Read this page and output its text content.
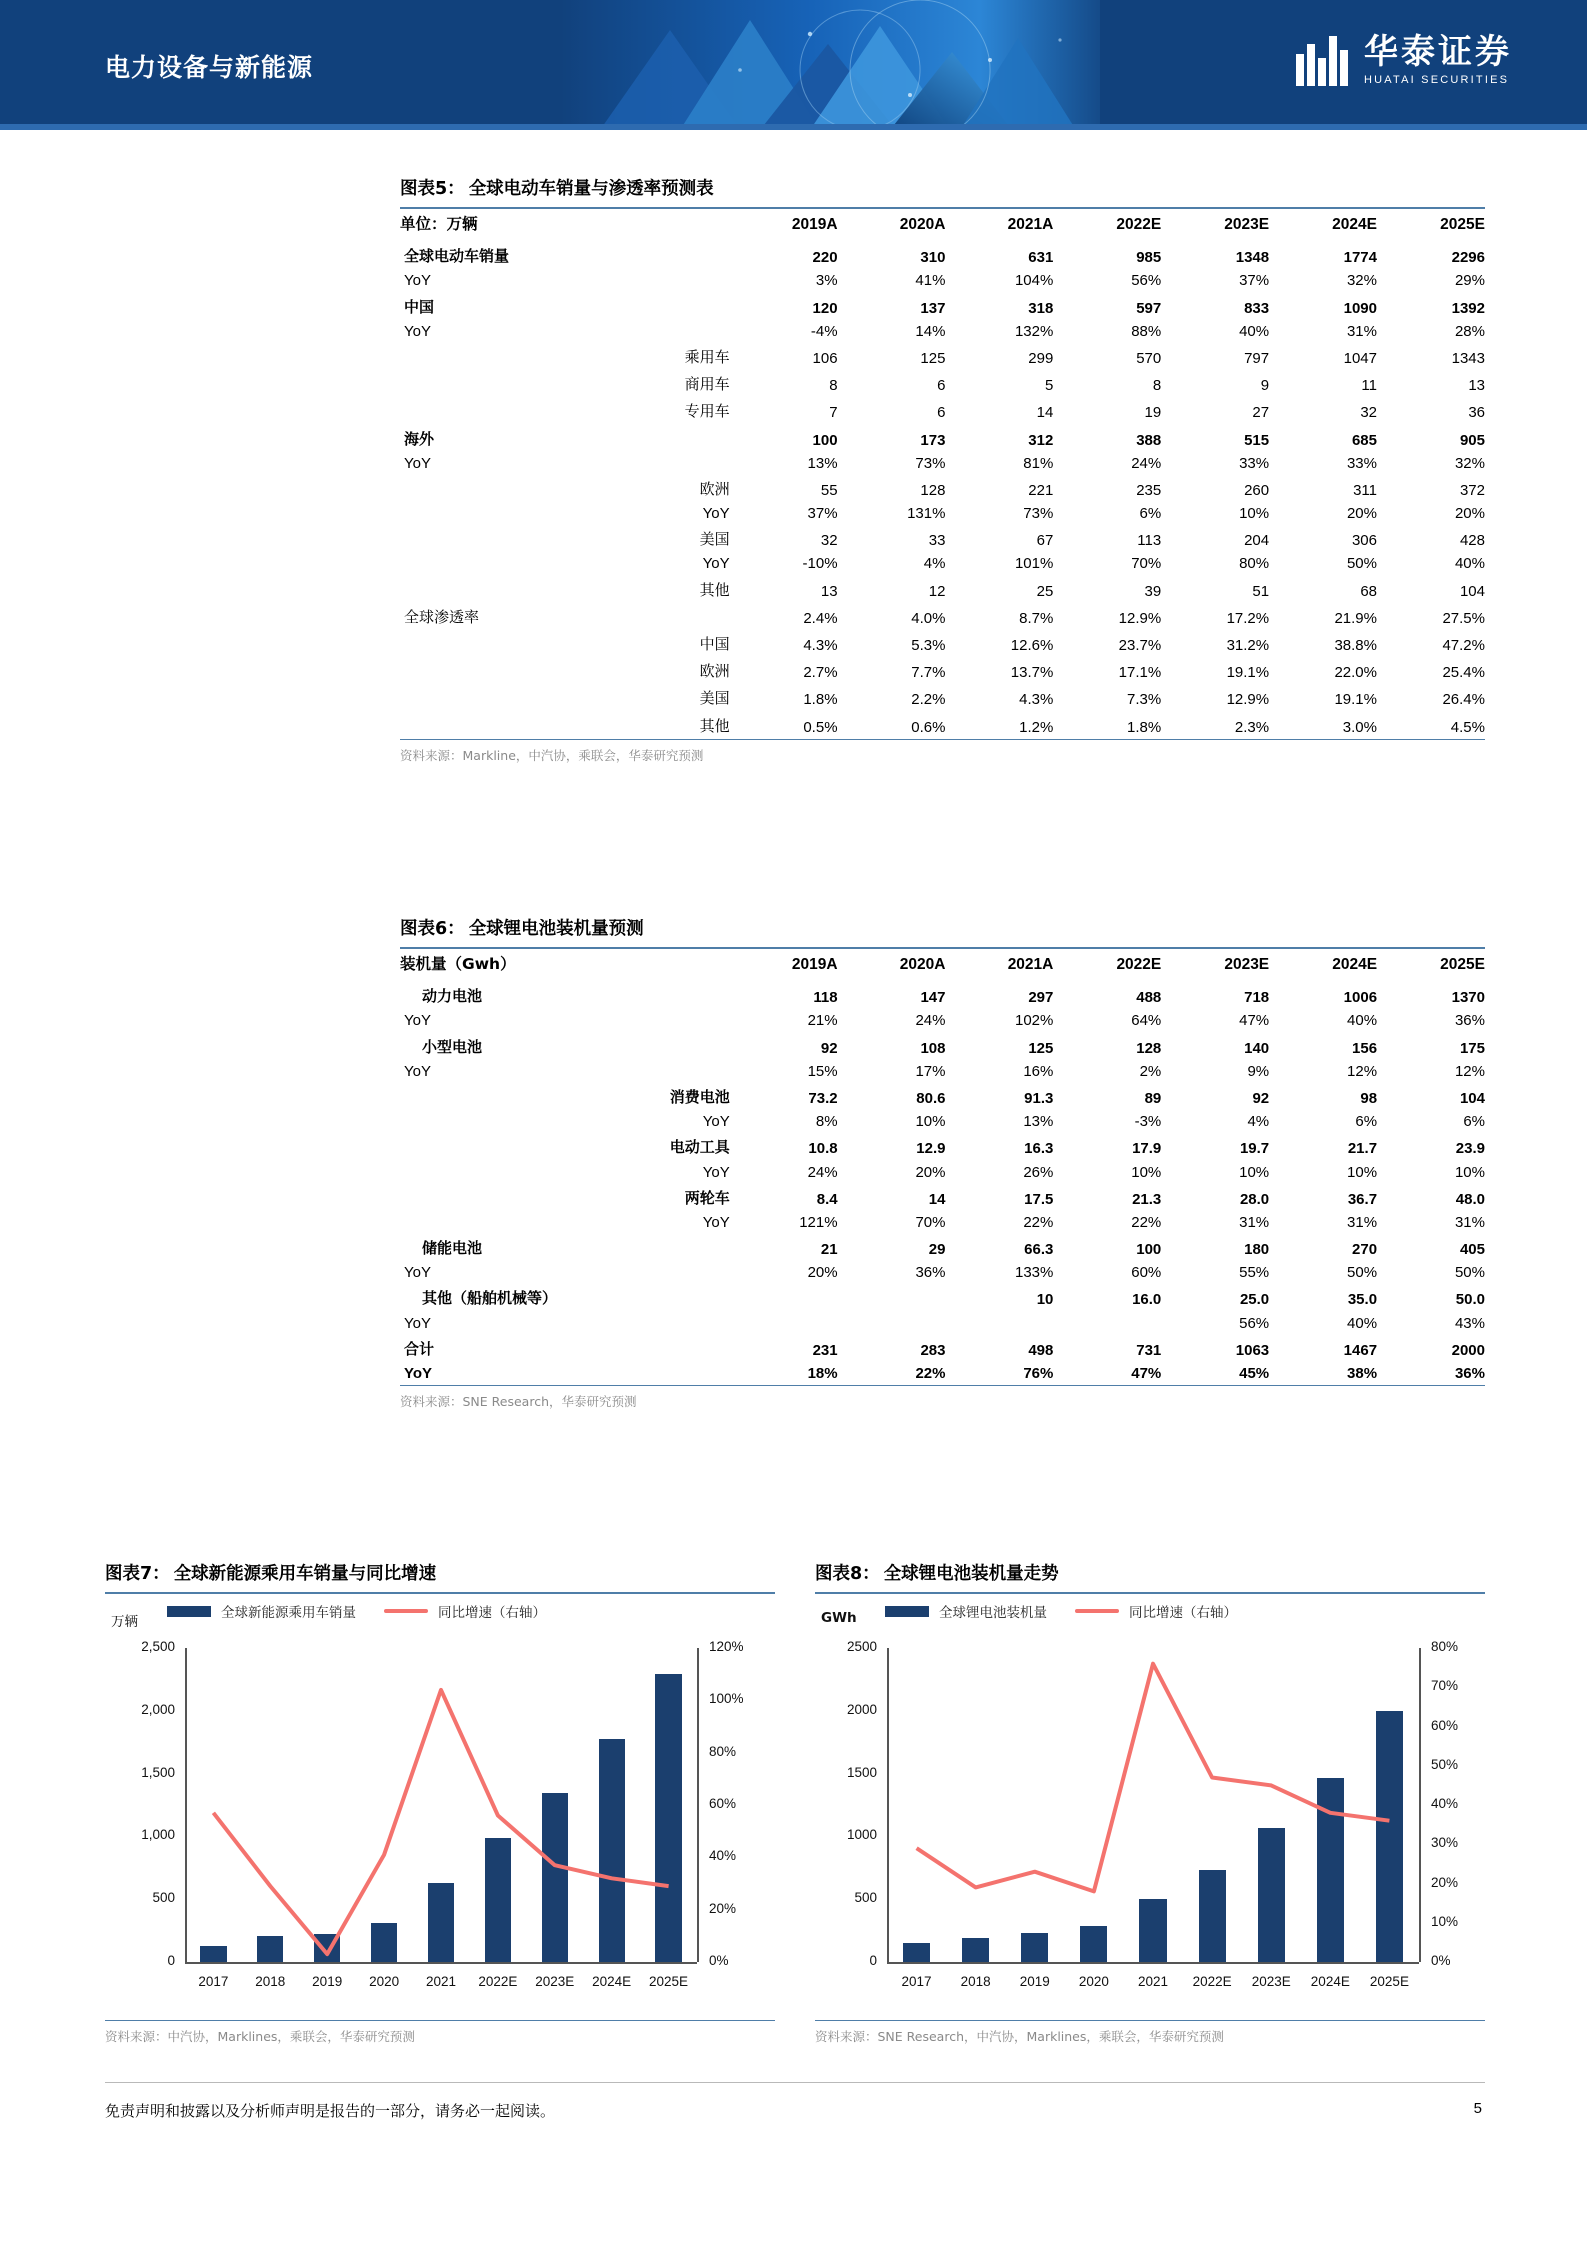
电力设备与新能源	华泰证券
HUATAI SECURITIES
图表5： 全球电动车销量与渗透率预测表
单位：万辆	2019A	2020A	2021A	2022E	2023E	2024E	2025E
全球电动车销量	220	310	631	985	1348	1774	2296
YoY	3%	41%	104%	56%	37%	32%	29%
中国	120	137	318	597	833	1090	1392
YoY	-4%	14%	132%	88%	40%	31%	28%
乘用车	106	125	299	570	797	1047	1343
商用车	8	6	5	8	9	11	13
专用车	7	6	14	19	27	32	36
海外	100	173	312	388	515	685	905
YoY	13%	73%	81%	24%	33%	33%	32%
欧洲	55	128	221	235	260	311	372
YoY	37%	131%	73%	6%	10%	20%	20%
美国	32	33	67	113	204	306	428
YoY	-10%	4%	101%	70%	80%	50%	40%
其他	13	12	25	39	51	68	104
全球渗透率	2.4%	4.0%	8.7%	12.9%	17.2%	21.9%	27.5%
中国	4.3%	5.3%	12.6%	23.7%	31.2%	38.8%	47.2%
欧洲	2.7%	7.7%	13.7%	17.1%	19.1%	22.0%	25.4%
美国	1.8%	2.2%	4.3%	7.3%	12.9%	19.1%	26.4%
其他	0.5%	0.6%	1.2%	1.8%	2.3%	3.0%	4.5%
资料来源：Markline，中汽协，乘联会，华泰研究预测
图表6： 全球锂电池装机量预测
装机量（Gwh）	2019A	2020A	2021A	2022E	2023E	2024E	2025E
动力电池	118	147	297	488	718	1006	1370
YoY	21%	24%	102%	64%	47%	40%	36%
小型电池	92	108	125	128	140	156	175
YoY	15%	17%	16%	2%	9%	12%	12%
消费电池	73.2	80.6	91.3	89	92	98	104
YoY	8%	10%	13%	-3%	4%	6%	6%
电动工具	10.8	12.9	16.3	17.9	19.7	21.7	23.9
YoY	24%	20%	26%	10%	10%	10%	10%
两轮车	8.4	14	17.5	21.3	28.0	36.7	48.0
YoY	121%	70%	22%	22%	31%	31%	31%
储能电池	21	29	66.3	100	180	270	405
YoY	20%	36%	133%	60%	55%	50%	50%
其他（船舶机械等）			10	16.0	25.0	35.0	50.0
YoY					56%	40%	43%
合计	231	283	498	731	1063	1467	2000
YoY	18%	22%	76%	47%	45%	38%	36%
资料来源：SNE Research，华泰研究预测
图表7： 全球新能源乘用车销量与同比增速
万辆
全球新能源乘用车销量	同比增速（右轴）
0
500
1,000
1,500
2,000
2,500
0%
20%
40%
60%
80%
100%
120%
2017	2018	2019	2020	2021	2022E	2023E	2024E	2025E
资料来源：中汽协，Marklines，乘联会，华泰研究预测
图表8： 全球锂电池装机量走势
GWh	全球锂电池装机量	同比增速（右轴）
0
500
1000
1500
2000
2500
0%
10%
20%
30%
40%
50%
60%
70%
80%
2017	2018	2019	2020	2021	2022E	2023E	2024E	2025E
资料来源：SNE Research，中汽协，Marklines，乘联会，华泰研究预测
免责声明和披露以及分析师声明是报告的一部分，请务必一起阅读。	5
